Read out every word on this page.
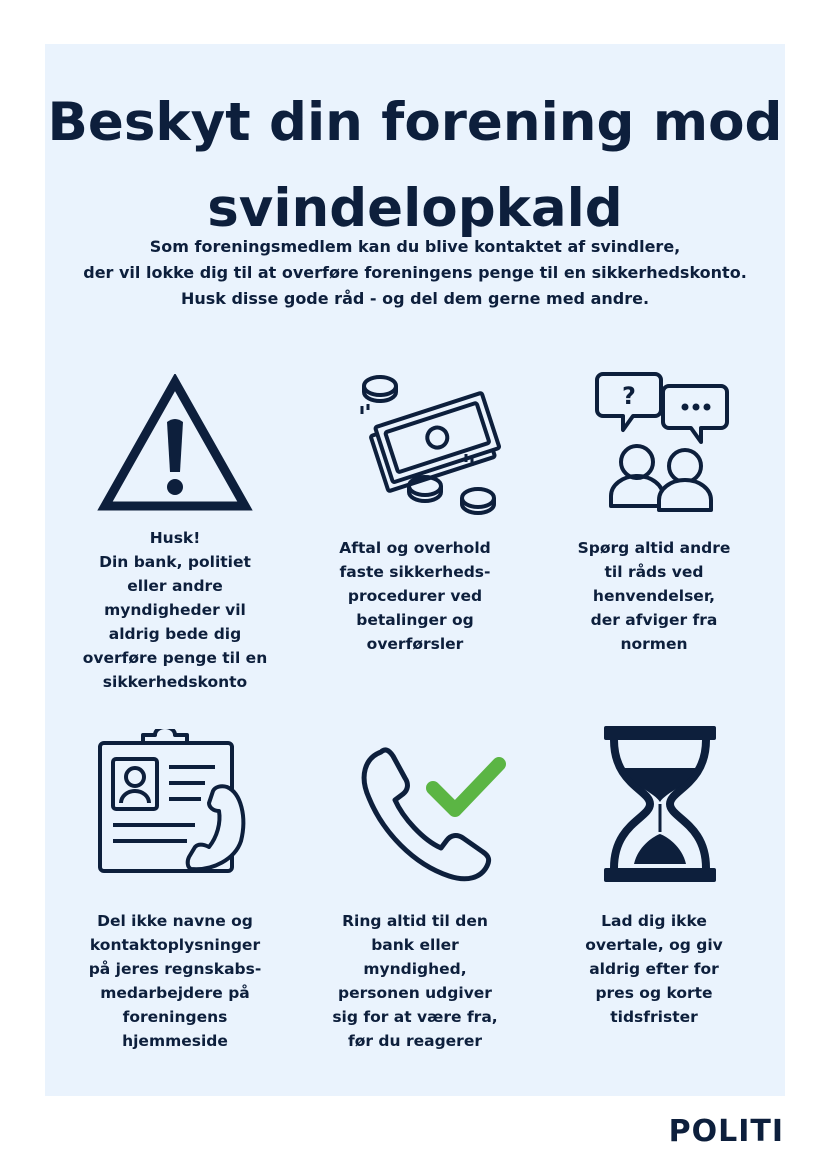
Beskyt din forening mod
svindelopkald
Som foreningsmedlem kan du blive kontaktet af svindlere,
der vil lokke dig til at overføre foreningens penge til en sikkerhedskonto.
Husk disse gode råd - og del dem gerne med andre.
?
Husk!
Din bank, politiet
eller andre
myndigheder vil
aldrig bede dig
overføre penge til en
sikkerhedskonto
Aftal og overhold
faste sikkerheds-
procedurer ved
betalinger og
overførsler
Spørg altid andre
til råds ved
henvendelser,
der afviger fra
normen
Del ikke navne og
kontaktoplysninger
på jeres regnskabs-
medarbejdere på
foreningens
hjemmeside
Ring altid til den
bank eller
myndighed,
personen udgiver
sig for at være fra,
før du reagerer
Lad dig ikke
overtale, og giv
aldrig efter for
pres og korte
tidsfrister
POLITI
